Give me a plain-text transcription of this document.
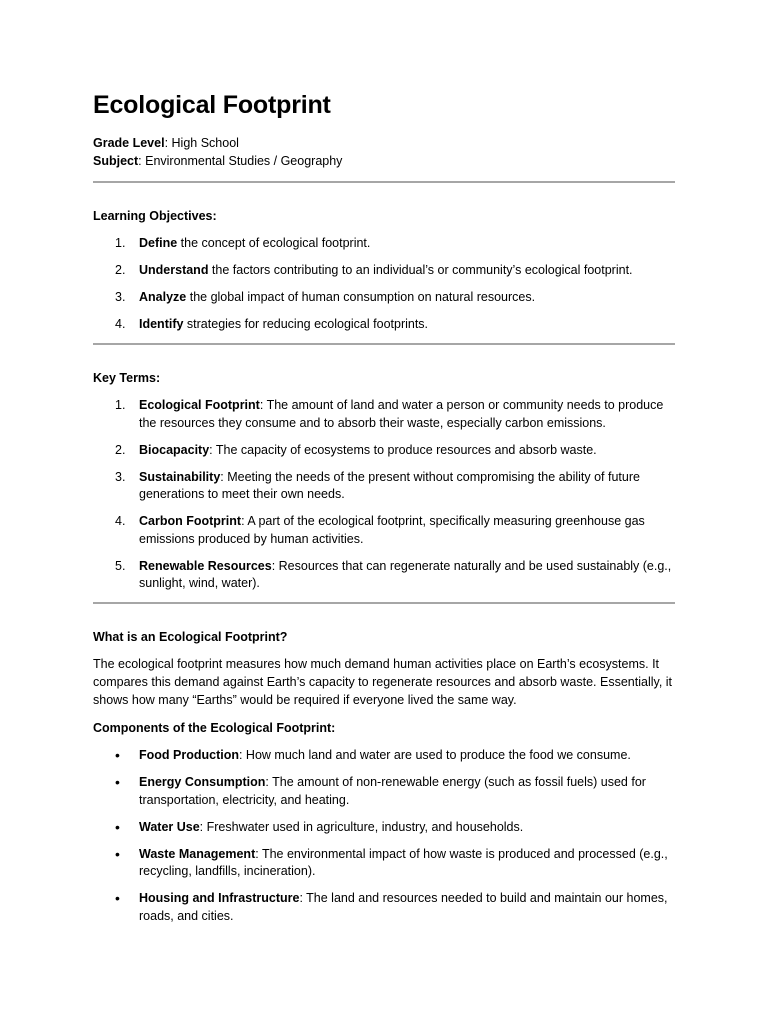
Ecological Footprint

Grade Level: High School

Subject: Environmental Studies / Geography

Learning Objectives:

1. Define the concept of ecological footprint.
2. Understand the factors contributing to an individual’s or community’s ecological footprint.
3. Analyze the global impact of human consumption on natural resources.
4. Identify strategies for reducing ecological footprints.

Key Terms:

1. Ecological Footprint: The amount of land and water a person or community needs to produce the resources they consume and to absorb their waste, especially carbon emissions.
2. Biocapacity: The capacity of ecosystems to produce resources and absorb waste.
3. Sustainability: Meeting the needs of the present without compromising the ability of future generations to meet their own needs.
4. Carbon Footprint: A part of the ecological footprint, specifically measuring greenhouse gas emissions produced by human activities.
5. Renewable Resources: Resources that can regenerate naturally and be used sustainably (e.g., sunlight, wind, water).

What is an Ecological Footprint?

The ecological footprint measures how much demand human activities place on Earth’s ecosystems. It compares this demand against Earth’s capacity to regenerate resources and absorb waste. Essentially, it shows how many “Earths” would be required if everyone lived the same way.

Components of the Ecological Footprint:

• Food Production: How much land and water are used to produce the food we consume.
• Energy Consumption: The amount of non-renewable energy (such as fossil fuels) used for transportation, electricity, and heating.
• Water Use: Freshwater used in agriculture, industry, and households.
• Waste Management: The environmental impact of how waste is produced and processed (e.g., recycling, landfills, incineration).
• Housing and Infrastructure: The land and resources needed to build and maintain our homes, roads, and cities.
